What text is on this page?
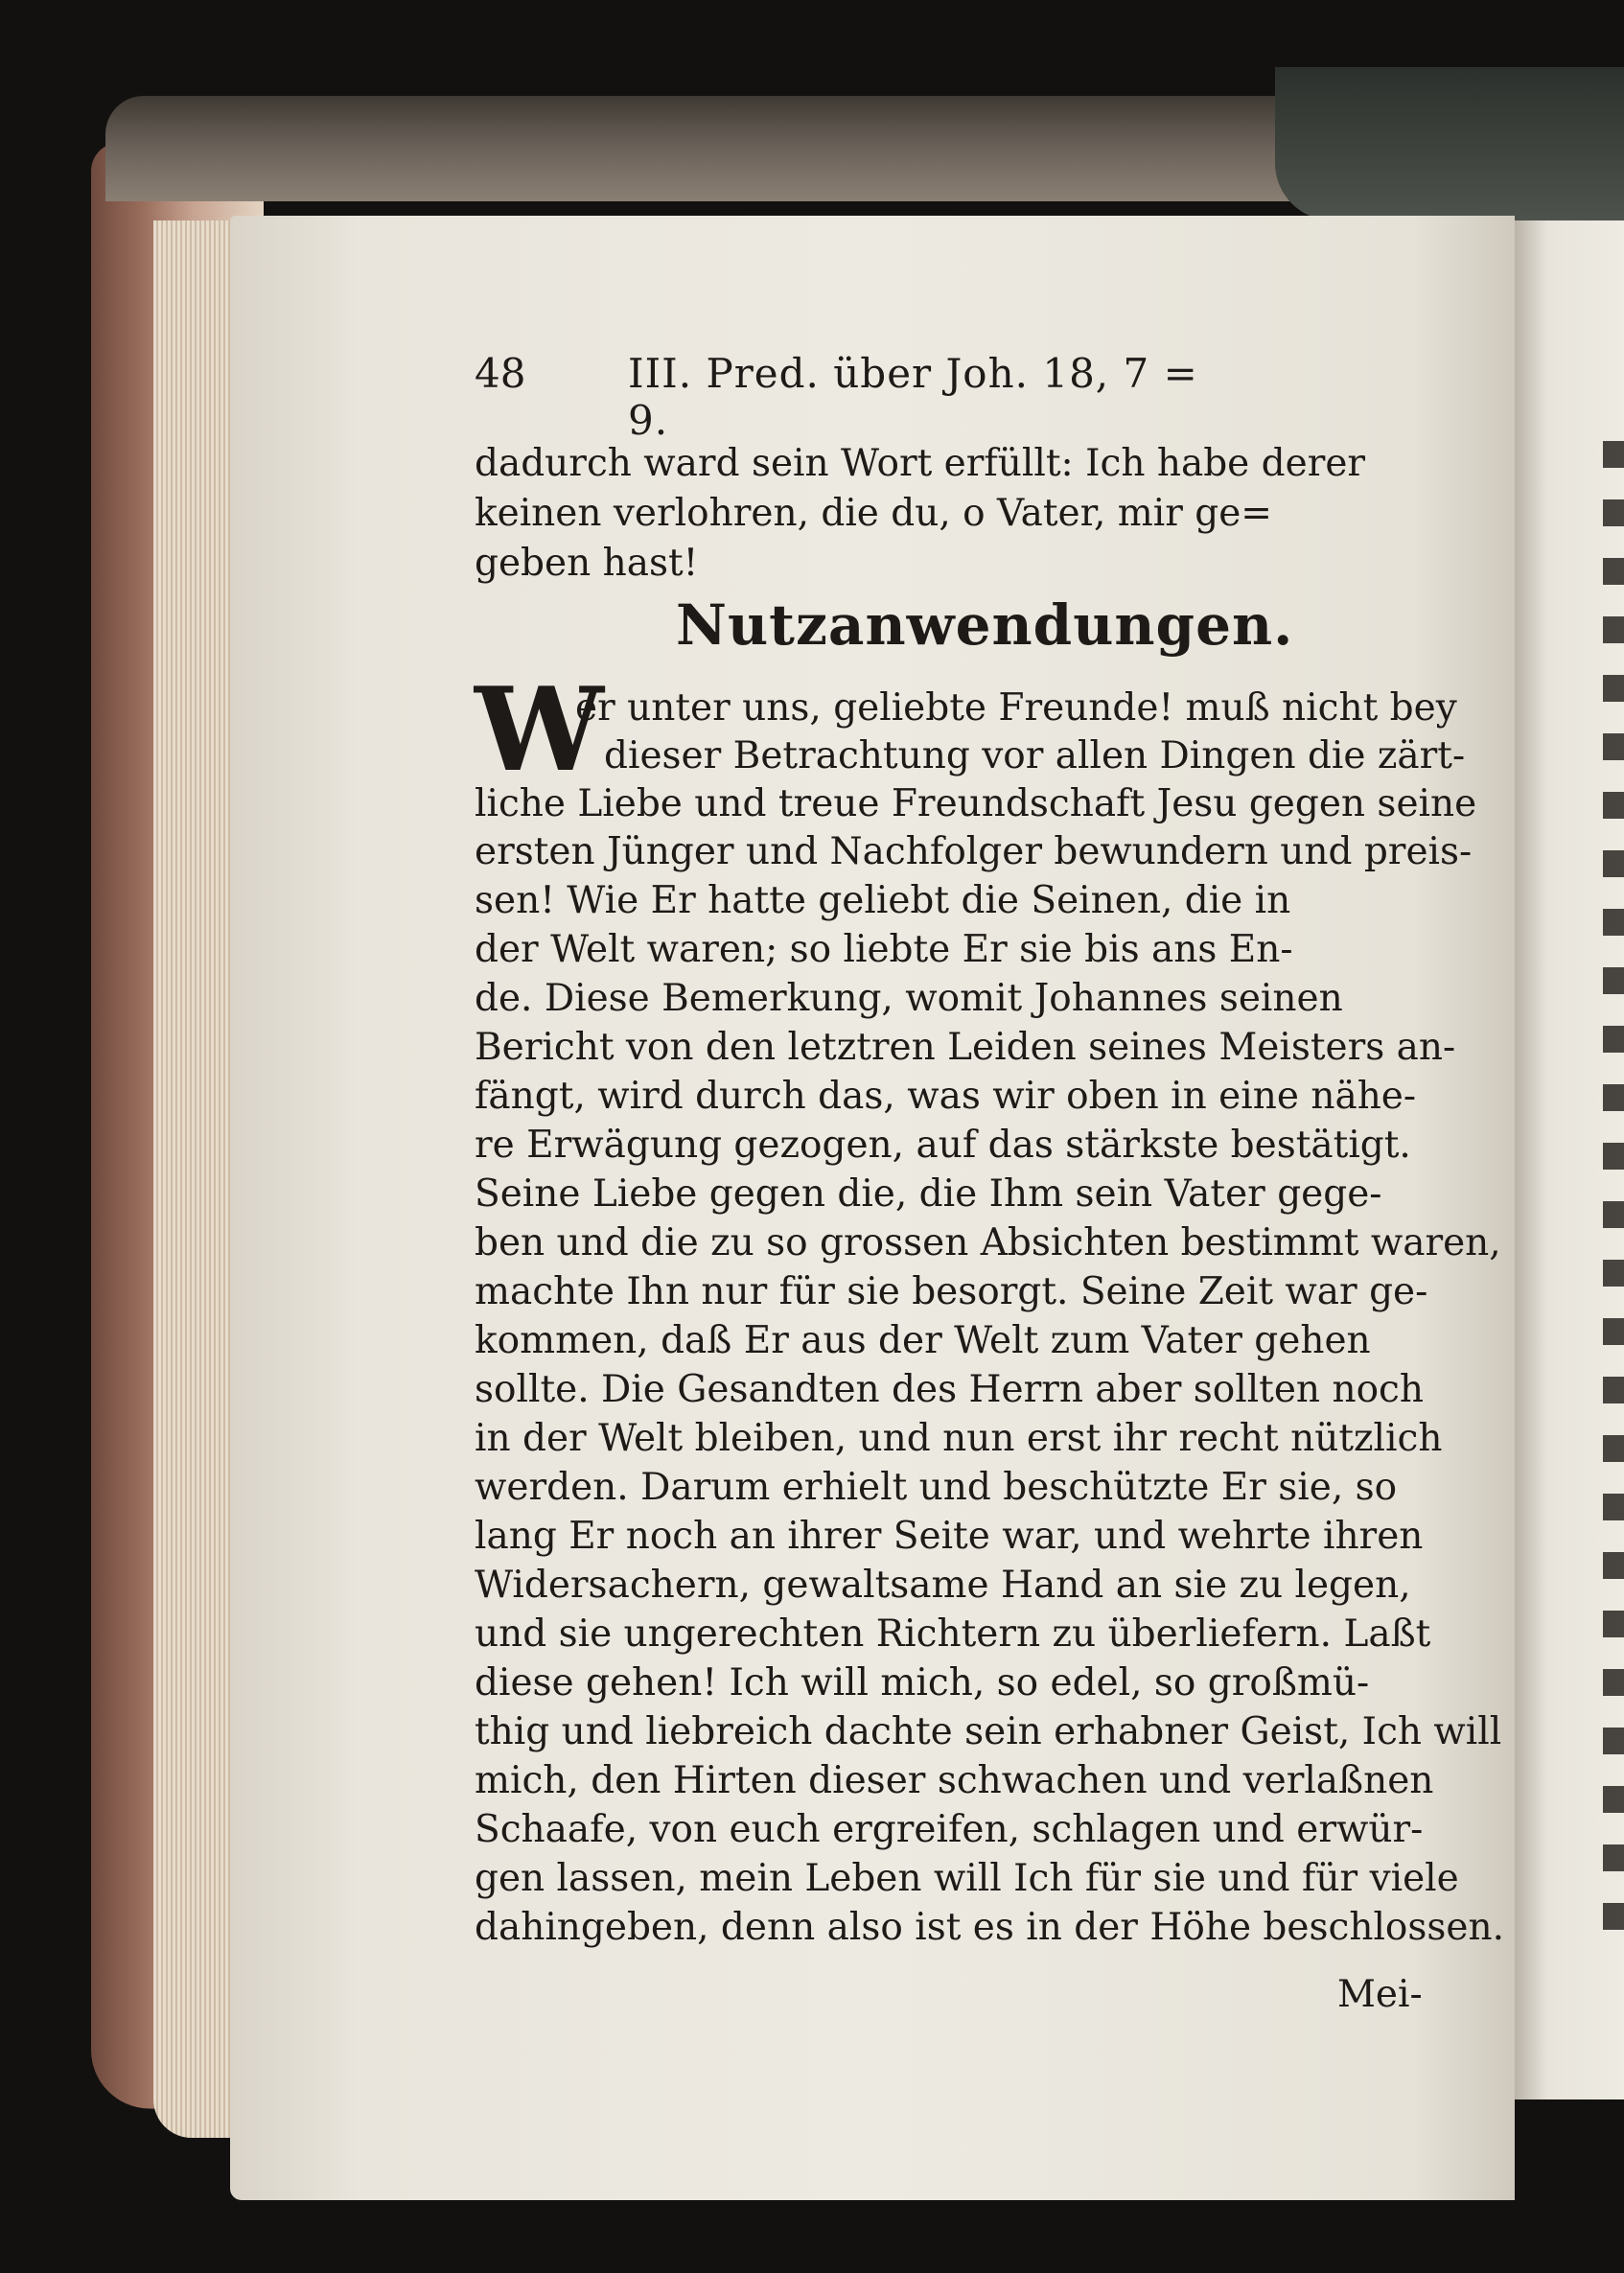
48	III. Pred. über Joh. 18, 7 = 9.
dadurch ward sein Wort erfüllt: Ich habe derer
keinen verlohren, die du, o Vater, mir ge=
geben hast!
Nutzanwendungen.
W
er unter uns, geliebte Freunde! muß nicht bey
dieser Betrachtung vor allen Dingen die zärt-
liche Liebe und treue Freundschaft Jesu gegen seine
ersten Jünger und Nachfolger bewundern und preis-
sen! Wie Er hatte geliebt die Seinen, die in
der Welt waren; so liebte Er sie bis ans En-
de. Diese Bemerkung, womit Johannes seinen
Bericht von den letztren Leiden seines Meisters an-
fängt, wird durch das, was wir oben in eine nähe-
re Erwägung gezogen, auf das stärkste bestätigt.
Seine Liebe gegen die, die Ihm sein Vater gege-
ben und die zu so grossen Absichten bestimmt waren,
machte Ihn nur für sie besorgt. Seine Zeit war ge-
kommen, daß Er aus der Welt zum Vater gehen
sollte. Die Gesandten des Herrn aber sollten noch
in der Welt bleiben, und nun erst ihr recht nützlich
werden. Darum erhielt und beschützte Er sie, so
lang Er noch an ihrer Seite war, und wehrte ihren
Widersachern, gewaltsame Hand an sie zu legen,
und sie ungerechten Richtern zu überliefern. Laßt
diese gehen! Ich will mich, so edel, so großmü-
thig und liebreich dachte sein erhabner Geist, Ich will
mich, den Hirten dieser schwachen und verlaßnen
Schaafe, von euch ergreifen, schlagen und erwür-
gen lassen, mein Leben will Ich für sie und für viele
dahingeben, denn also ist es in der Höhe beschlossen.
Mei-
